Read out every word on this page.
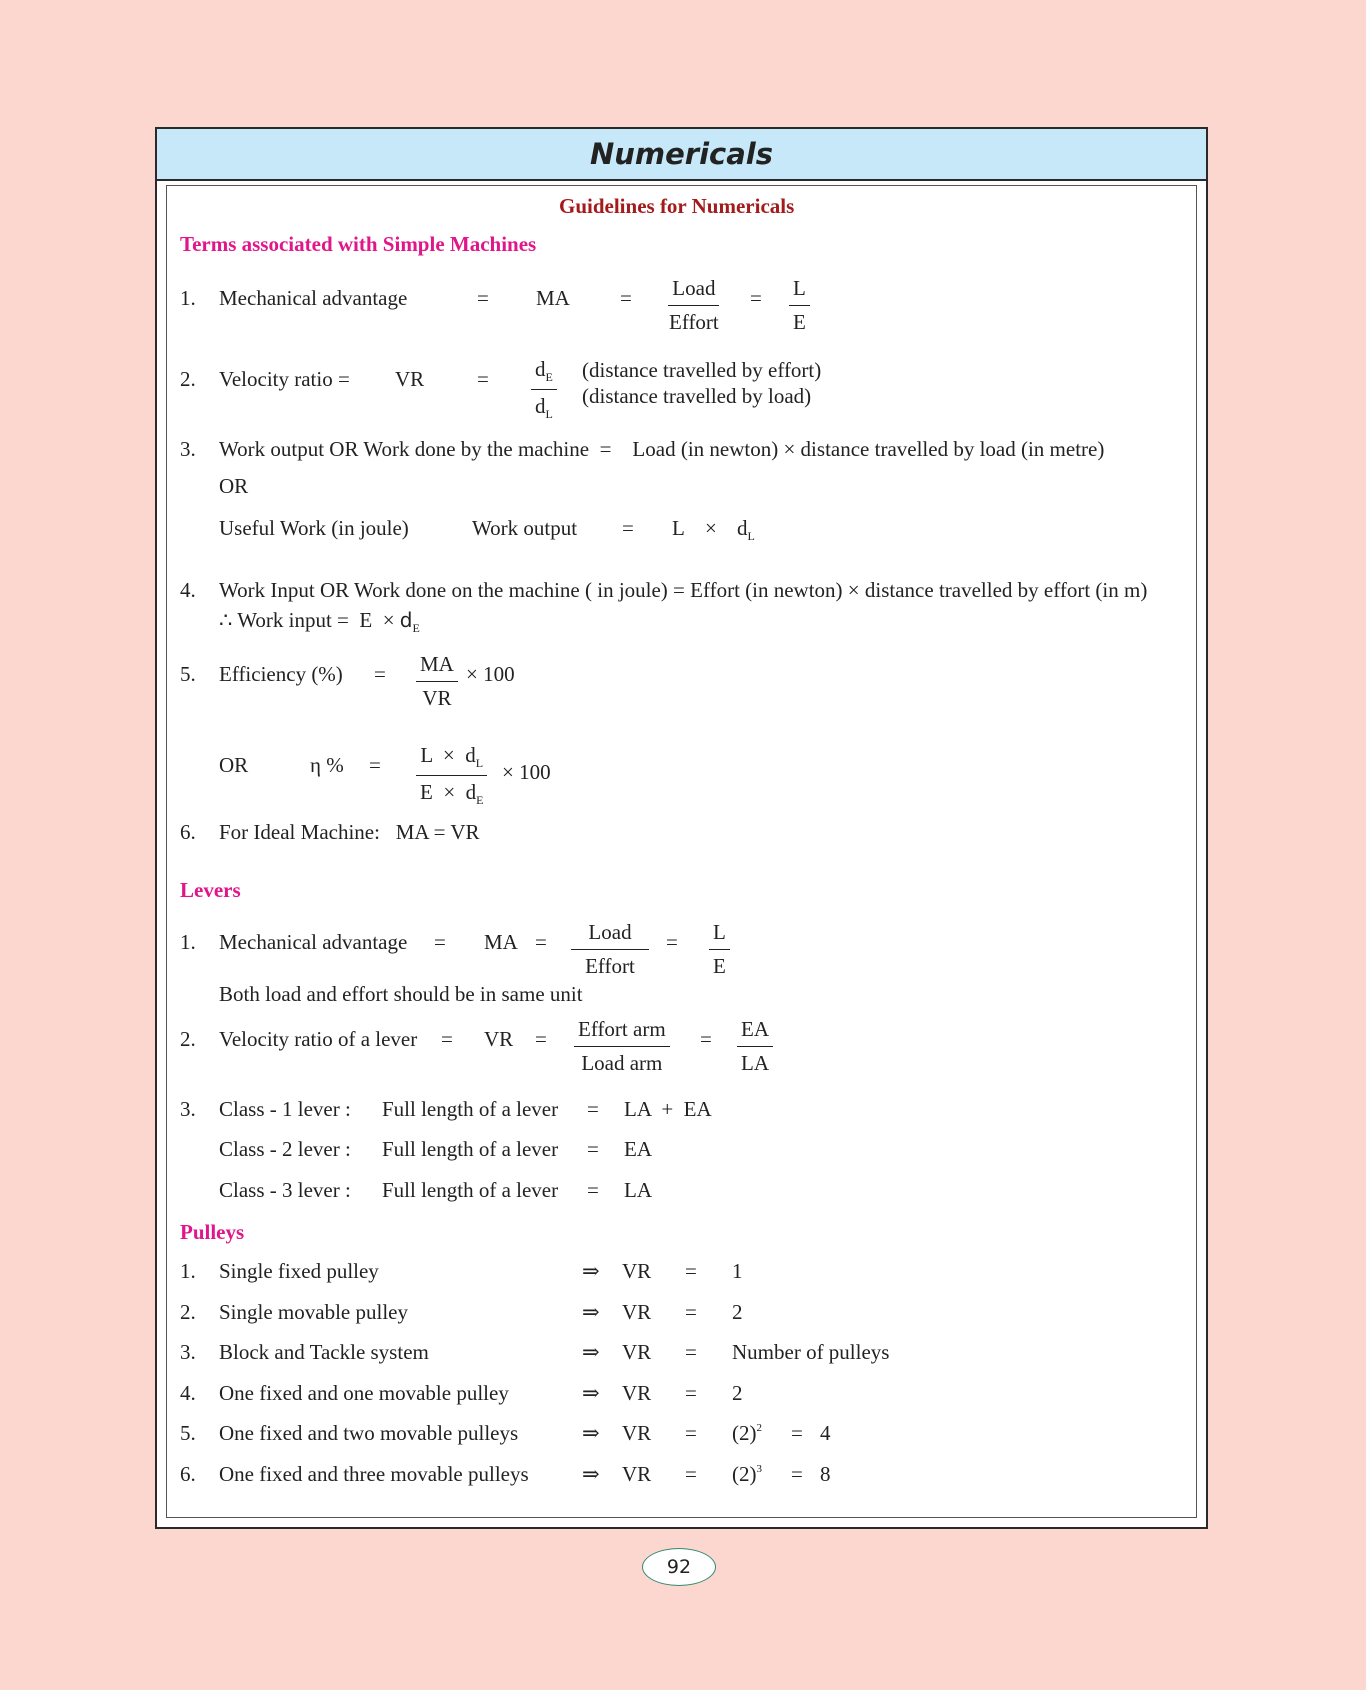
Numericals
Guidelines for Numericals
Terms associated with Simple Machines
1. Mechanical advantage	= MA = Load
Effort
= $\frac{L}{E}$
2. Velocity ratio = VR	= $\frac{d_E}{d_L}$ (distance travelled by effort)
(distance travelled by load)
3. Work output OR Work done by the machine  =    Load (in newton) × distance travelled by load (in metre)
OR
Useful Work (in joule)	Work output = $L \times d_L$
4. Work Input OR Work done on the machine ( in joule) = Effort (in newton) × distance travelled by effort (in m)
∴ Work input =  $E \times d_E$
5. Efficiency (%) = $\frac{MA}{VR} \times 100$
OR	η % = $\frac{L \times d_L}{E \times d_E} \times 100$
6. For Ideal Machine:   MA = VR
Levers
1. Mechanical advantage = MA =	Load
Effort
= $\frac{L}{E}$
Both load and effort should be in same unit
2. Velocity ratio of a lever = VR = Effort arm
Load arm
= $\frac{EA}{LA}$
3. Class - 1 lever : Full length of a lever = LA  +  EA
Class - 2 lever : Full length of a lever = EA
Class - 3 lever : Full length of a lever = LA
Pulleys
1. Single fixed pulley	⇒ VR = 1
2. Single movable pulley	⇒ VR = 2
3. Block and Tackle system	⇒ VR = Number of pulleys
4. One fixed and one movable pulley	⇒ VR = 2
5. One fixed and two movable pulleys	⇒ VR = $(2)^2 = 4$
6. One fixed and three movable pulleys	⇒ VR = $(2)^3 = 8$
92
